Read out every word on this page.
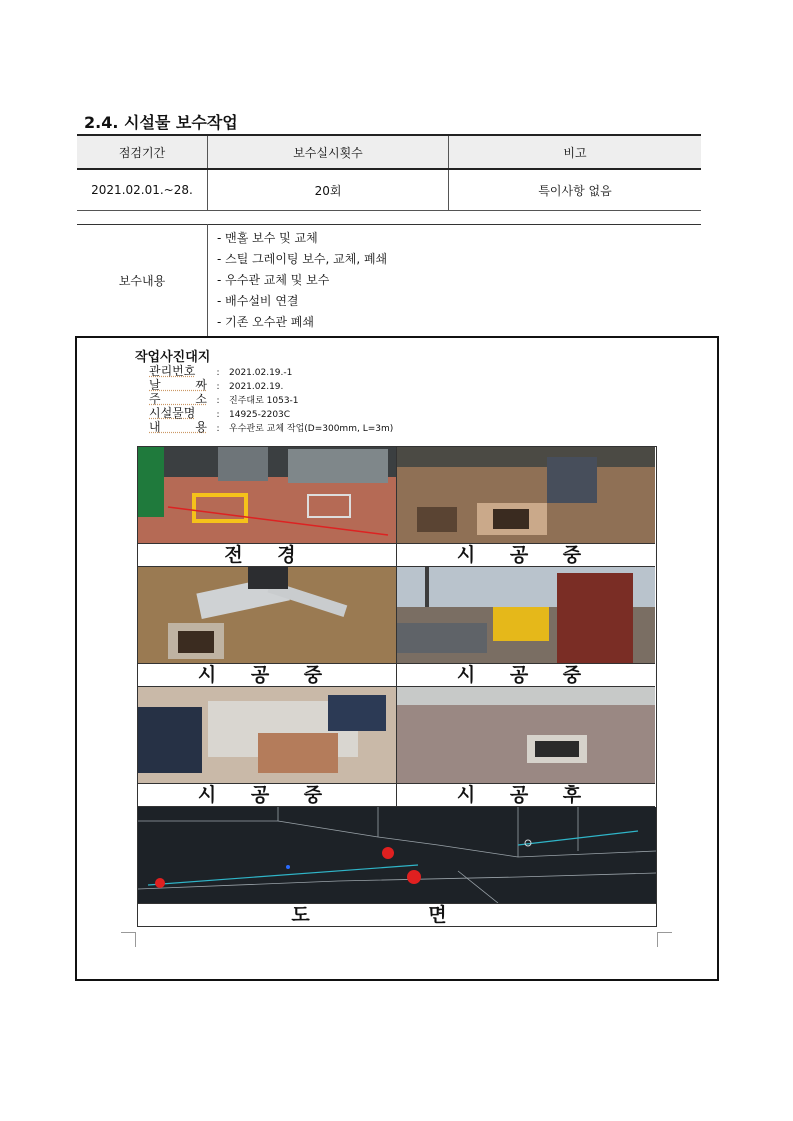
2.4. 시설물 보수작업
점검기간	보수실시횟수	비고
2021.02.01.~28.	20회	특이사항 없음
보수내용	
- 맨홀 보수 및 교체
- 스틸 그레이팅 보수, 교체, 폐쇄
- 우수관 교체 및 보수
- 배수설비 연결
- 기존 오수관 폐쇄
작업사진대지
관리번호 : 2021.02.19.-1
날 짜 : 2021.02.19.
주 소 : 진주대로 1053-1
시설물명 : 14925-2203C
내 용 : 우수관로 교체 작업(D=300mm, L=3m)
전 경	시 공 중
시 공 중	시 공 중
시 공 중	시 공 후
도 면
